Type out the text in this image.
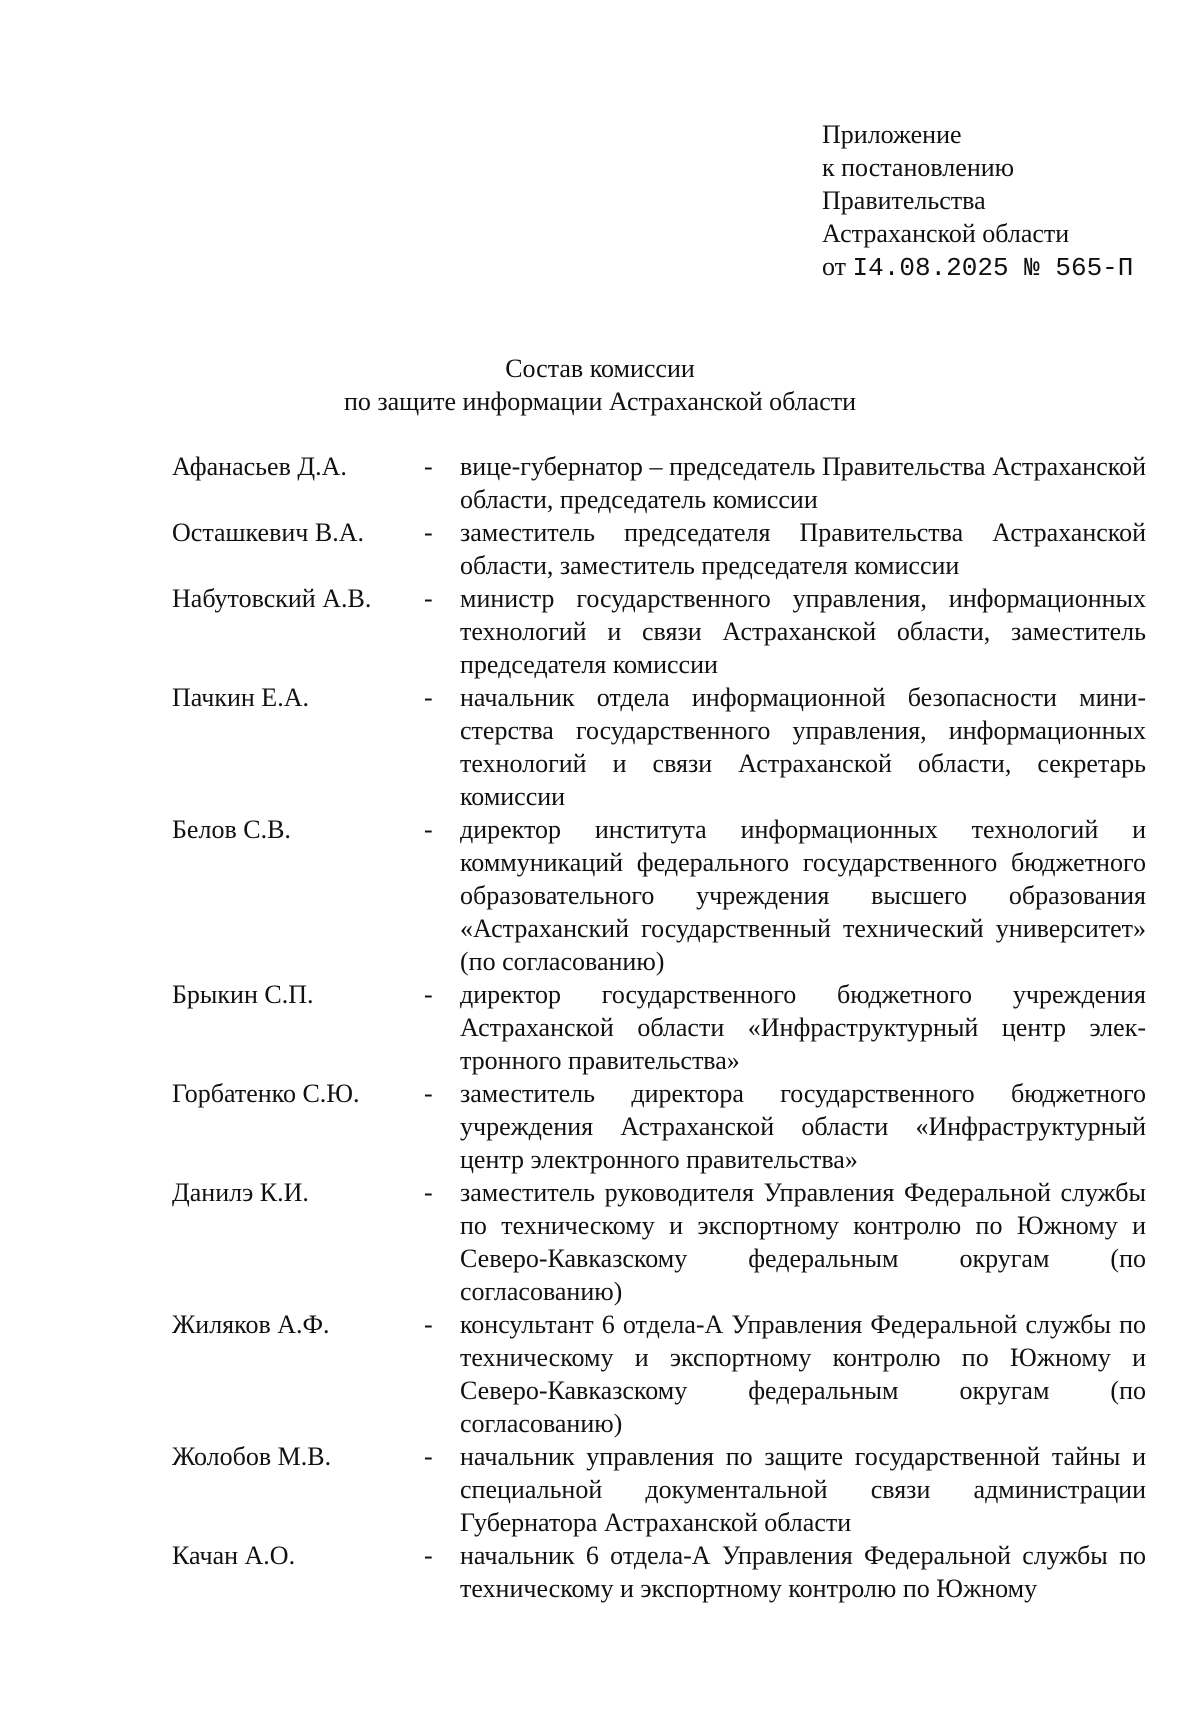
Приложение
к постановлению
Правительства
Астраханской области
от I4.08.2025 № 565-П
Состав комиссии
по защите информации Астраханской области
Афанасьев Д.А.	-	вице-губернатор – председатель Правительства Астраханской области, председатель комиссии
Осташкевич В.А.	-	заместитель председателя Правительства Астраханской области, заместитель председателя комиссии
Набутовский А.В.	-	министр государственного управления, информационных технологий и связи Астраханской области, заместитель председателя комиссии
Пачкин Е.А.	-	начальник отдела информационной безопасности министерства государственного управления, информационных технологий и связи Астраханской области, секретарь комиссии
Белов С.В.	-	директор института информационных технологий и коммуникаций федерального государственного бюджетного образовательного учреждения высшего образования «Астраханский государственный технический университет» (по согласованию)
Брыкин С.П.	-	директор государственного бюджетного учреждения Астраханской области «Инфраструктурный центр электронного правительства»
Горбатенко С.Ю.	-	заместитель директора государственного бюджетного учреждения Астраханской области «Инфраструктурный центр электронного правительства»
Данилэ К.И.	-	заместитель руководителя Управления Федеральной службы по техническому и экспортному контролю по Южному и Северо-Кавказскому федеральным округам (по согласованию)
Жиляков А.Ф.	-	консультант 6 отдела-А Управления Федеральной службы по техническому и экспортному контролю по Южному и Северо-Кавказскому федеральным округам (по согласованию)
Жолобов М.В.	-	начальник управления по защите государственной тайны и специальной документальной связи администрации Губернатора Астраханской области
Качан А.О.	-	начальник 6 отдела-А Управления Федеральной службы по техническому и экспортному контролю по Южному
